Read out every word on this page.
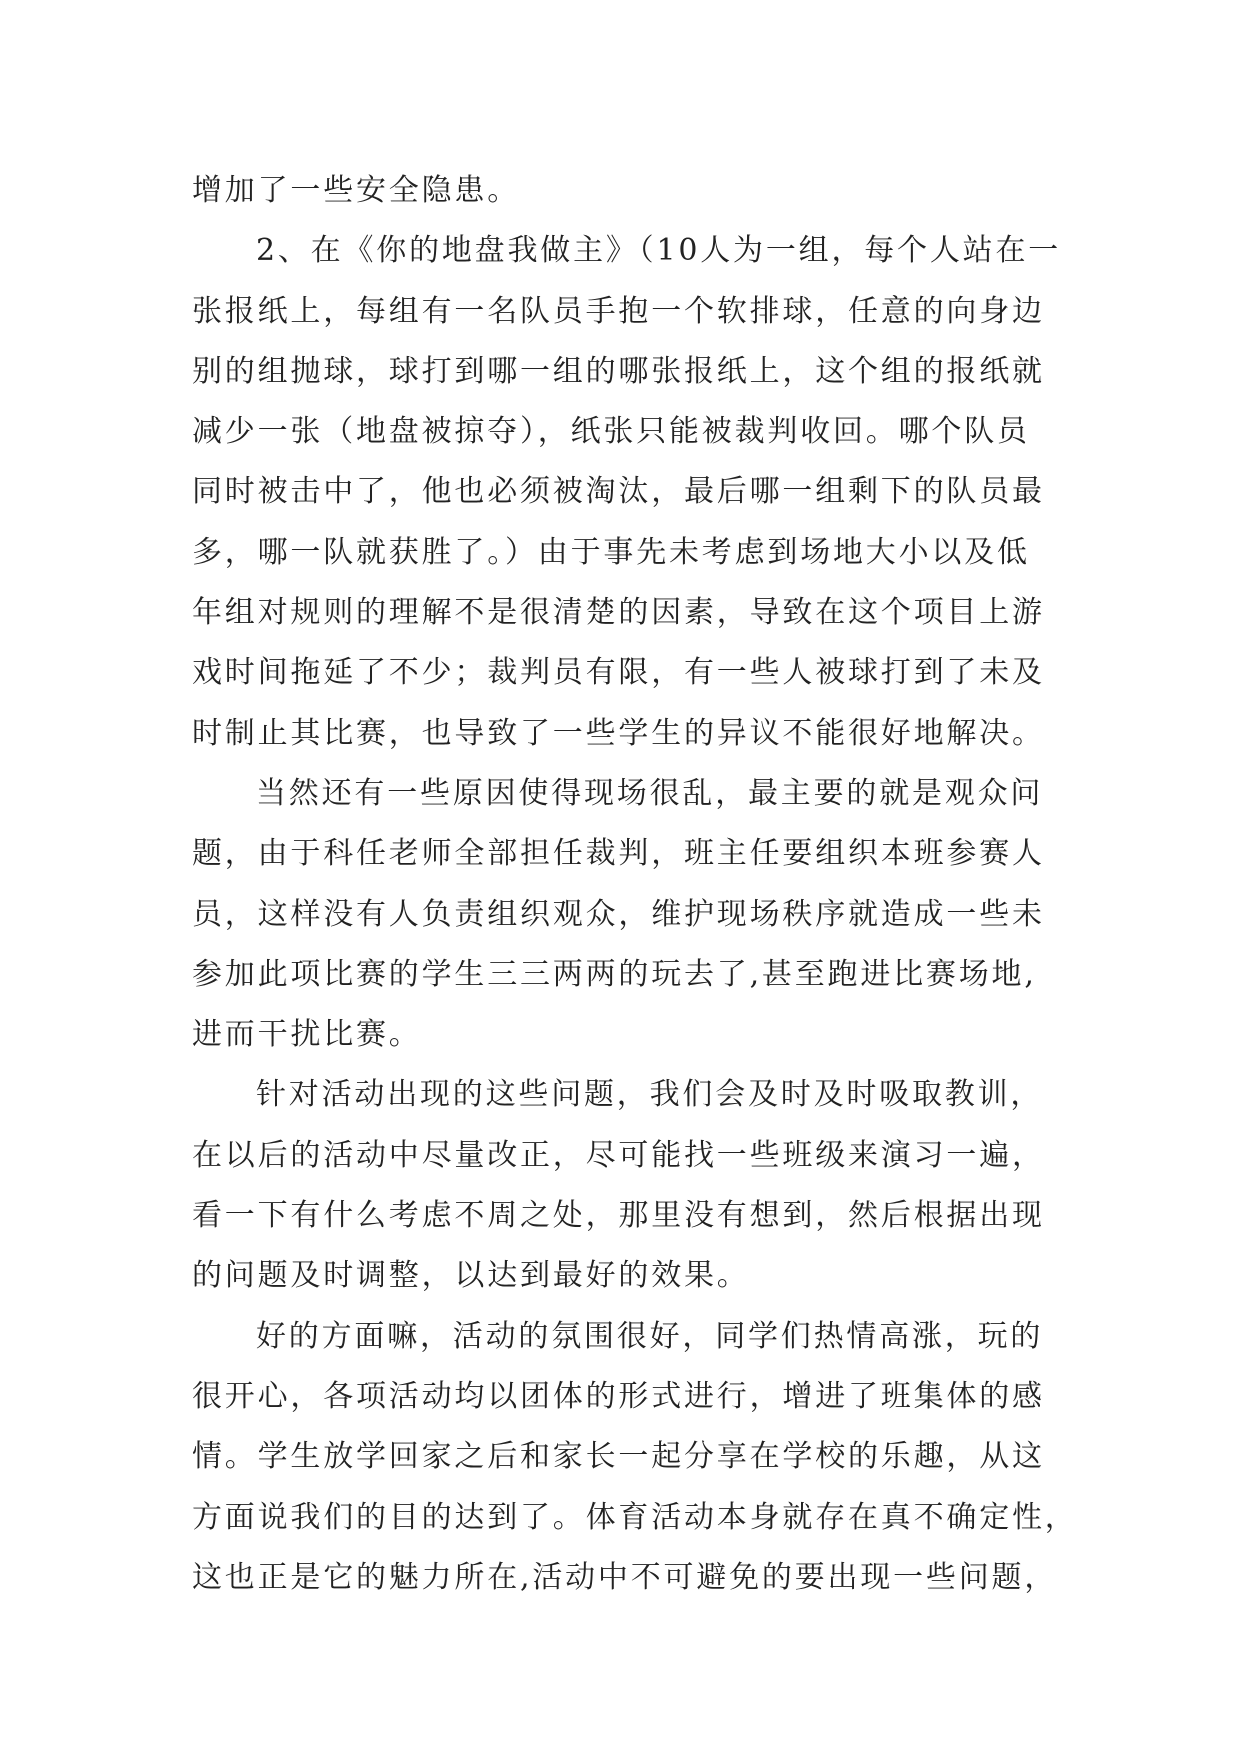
增加了一些安全隐患。
2、在《你的地盘我做主》（10人为一组，每个人站在一
张报纸上，每组有一名队员手抱一个软排球，任意的向身边
别的组抛球，球打到哪一组的哪张报纸上，这个组的报纸就
减少一张（地盘被掠夺），纸张只能被裁判收回。哪个队员
同时被击中了，他也必须被淘汰，最后哪一组剩下的队员最
多，哪一队就获胜了。）由于事先未考虑到场地大小以及低
年组对规则的理解不是很清楚的因素，导致在这个项目上游
戏时间拖延了不少；裁判员有限，有一些人被球打到了未及
时制止其比赛，也导致了一些学生的异议不能很好地解决。
当然还有一些原因使得现场很乱，最主要的就是观众问
题，由于科任老师全部担任裁判，班主任要组织本班参赛人
员，这样没有人负责组织观众，维护现场秩序就造成一些未
参加此项比赛的学生三三两两的玩去了,甚至跑进比赛场地,
进而干扰比赛。
针对活动出现的这些问题，我们会及时及时吸取教训，
在以后的活动中尽量改正，尽可能找一些班级来演习一遍，
看一下有什么考虑不周之处，那里没有想到，然后根据出现
的问题及时调整，以达到最好的效果。
好的方面嘛，活动的氛围很好，同学们热情高涨，玩的
很开心，各项活动均以团体的形式进行，增进了班集体的感
情。学生放学回家之后和家长一起分享在学校的乐趣，从这
方面说我们的目的达到了。体育活动本身就存在真不确定性，
这也正是它的魅力所在,活动中不可避免的要出现一些问题，
